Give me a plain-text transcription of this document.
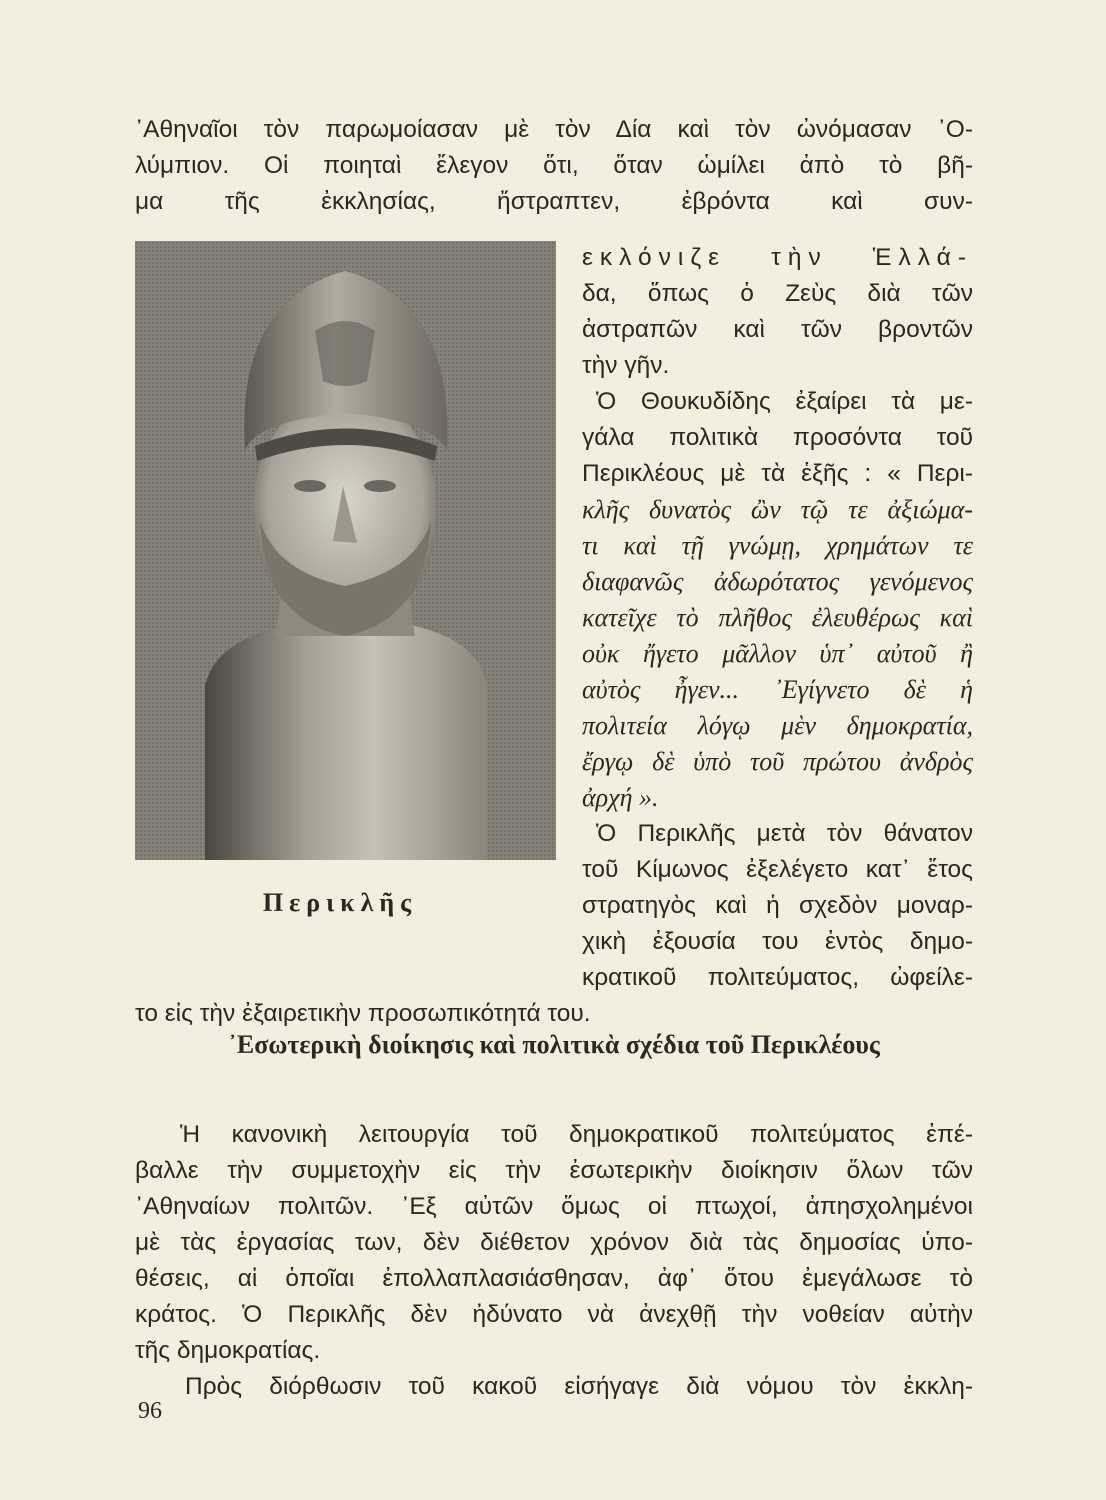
᾽Αθηναῖοι τὸν παρωμοίασαν μὲ τὸν Δία καὶ τὸν ὠνόμασαν ᾽Ο-
λύμπιον. Οἱ ποιηταὶ ἔλεγον ὅτι, ὅταν ὡμίλει ἀπὸ τὸ βῆ-
μα τῆς ἐκκλησίας, ἤστραπτεν, ἐβρόντα καὶ συν-
εκλόνιζε τὴν Ἑλλά-
δα, ὅπως ὁ Ζεὺς διὰ τῶν
ἀστραπῶν καὶ τῶν βροντῶν
τὴν γῆν.
Ὁ Θουκυδίδης ἐξαίρει τὰ με-
γάλα πολιτικὰ προσόντα τοῦ
Περικλέους μὲ τὰ ἑξῆς : « Περι-
κλῆς δυνατὸς ὢν τῷ τε ἀξιώμα-
τι καὶ τῇ γνώμῃ, χρημάτων τε
διαφανῶς ἀδωρότατος γενόμενος
κατεῖχε τὸ πλῆθος ἐλευθέρως καὶ
οὐκ ἤγετο μᾶλλον ὑπ᾽ αὐτοῦ ἢ
αὐτὸς ἦγεν... ᾽Εγίγνετο δὲ ἡ
πολιτεία λόγῳ μὲν δημοκρατία,
ἔργῳ δὲ ὑπὸ τοῦ πρώτου ἀνδρὸς
ἀρχή ».
Ὁ Περικλῆς μετὰ τὸν θάνατον
τοῦ Κίμωνος ἐξελέγετο κατ᾽ ἔτος
στρατηγὸς καὶ ἡ σχεδὸν μοναρ-
χικὴ ἐξουσία του ἐντὸς δημο-
κρατικοῦ πολιτεύματος, ὠφείλε-
Περικλῆς
το εἰς τὴν ἐξαιρετικὴν προσωπικότητά του.
᾽Εσωτερικὴ διοίκησις καὶ πολιτικὰ σχέδια τοῦ Περικλέους
Ἡ κανονικὴ λειτουργία τοῦ δημοκρατικοῦ πολιτεύματος ἐπέ-
βαλλε τὴν συμμετοχὴν εἰς τὴν ἐσωτερικὴν διοίκησιν ὅλων τῶν
᾽Αθηναίων πολιτῶν. ᾽Εξ αὐτῶν ὅμως οἱ πτωχοί, ἀπησχολημένοι
μὲ τὰς ἐργασίας των, δὲν διέθετον χρόνον διὰ τὰς δημοσίας ὑπο-
θέσεις, αἱ ὁποῖαι ἐπολλαπλασιάσθησαν, ἀφ᾽ ὅτου ἐμεγάλωσε τὸ
κράτος. Ὁ Περικλῆς δὲν ἠδύνατο νὰ ἀνεχθῇ τὴν νοθείαν αὐτὴν
τῆς δημοκρατίας.
Πρὸς διόρθωσιν τοῦ κακοῦ εἰσήγαγε διὰ νόμου τὸν ἐκκλη-
96
